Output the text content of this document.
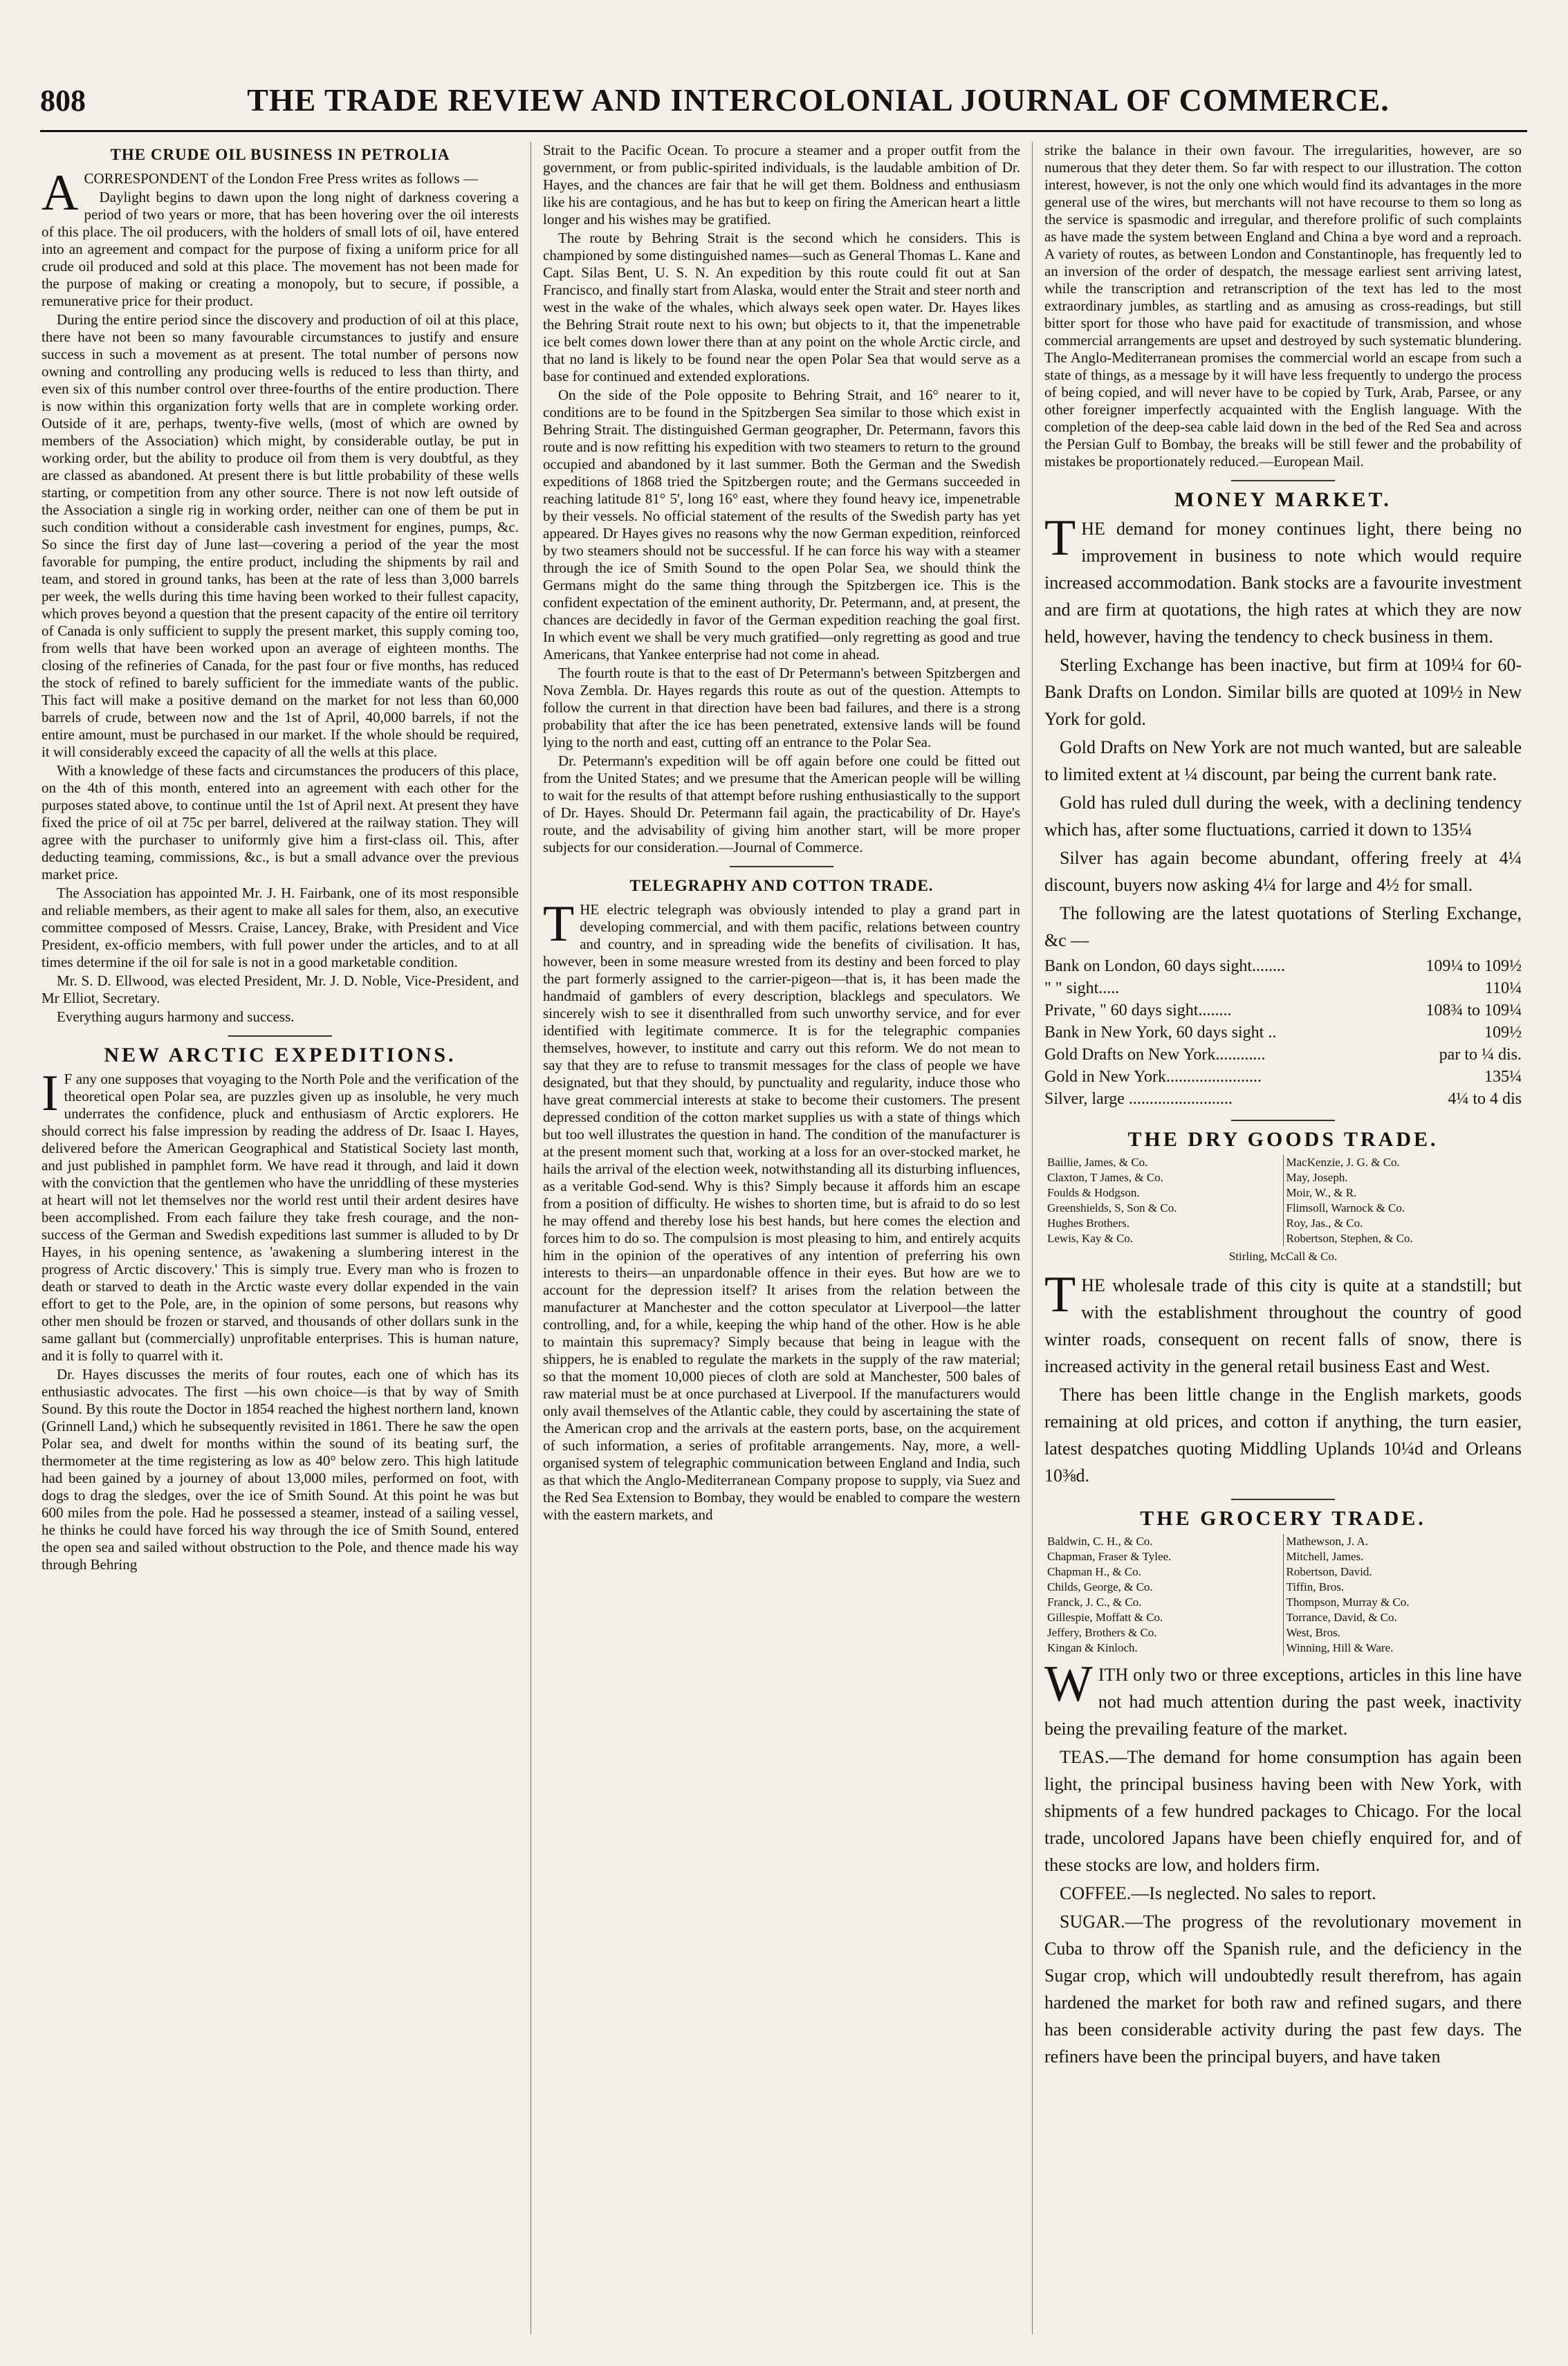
808	THE TRADE REVIEW AND INTERCOLONIAL JOURNAL OF COMMERCE.
THE CRUDE OIL BUSINESS IN PETROLIA

A CORRESPONDENT of the London Free Press writes as follows —

Daylight begins to dawn upon the long night of darkness covering a period of two years or more, that has been hovering over the oil interests of this place. The oil producers, with the holders of small lots of oil, have entered into an agreement and compact for the purpose of fixing a uniform price for all crude oil produced and sold at this place. The movement has not been made for the purpose of making or creating a monopoly, but to secure, if possible, a remunerative price for their product.

During the entire period since the discovery and production of oil at this place, there have not been so many favourable circumstances to justify and ensure success in such a movement as at present. The total number of persons now owning and controlling any producing wells is reduced to less than thirty, and even six of this number control over three-fourths of the entire production. There is now within this organization forty wells that are in complete working order. Outside of it are, perhaps, twenty-five wells, (most of which are owned by members of the Association) which might, by considerable outlay, be put in working order, but the ability to produce oil from them is very doubtful, as they are classed as abandoned. At present there is but little probability of these wells starting, or competition from any other source. There is not now left outside of the Association a single rig in working order, neither can one of them be put in such condition without a considerable cash investment for engines, pumps, &c. So since the first day of June last—covering a period of the year the most favorable for pumping, the entire product, including the shipments by rail and team, and stored in ground tanks, has been at the rate of less than 3,000 barrels per week, the wells during this time having been worked to their fullest capacity, which proves beyond a question that the present capacity of the entire oil territory of Canada is only sufficient to supply the present market, this supply coming too, from wells that have been worked upon an average of eighteen months. The closing of the refineries of Canada, for the past four or five months, has reduced the stock of refined to barely sufficient for the immediate wants of the public. This fact will make a positive demand on the market for not less than 60,000 barrels of crude, between now and the 1st of April, 40,000 barrels, if not the entire amount, must be purchased in our market. If the whole should be required, it will considerably exceed the capacity of all the wells at this place.

With a knowledge of these facts and circumstances the producers of this place, on the 4th of this month, entered into an agreement with each other for the purposes stated above, to continue until the 1st of April next. At present they have fixed the price of oil at 75c per barrel, delivered at the railway station. They will agree with the purchaser to uniformly give him a first-class oil. This, after deducting teaming, commissions, &c., is but a small advance over the previous market price.

The Association has appointed Mr. J. H. Fairbank, one of its most responsible and reliable members, as their agent to make all sales for them, also, an executive committee composed of Messrs. Craise, Lancey, Brake, with President and Vice President, ex-officio members, with full power under the articles, and to at all times determine if the oil for sale is not in a good marketable condition.

Mr. S. D. Ellwood, was elected President, Mr. J. D. Noble, Vice-President, and Mr Elliot, Secretary.

Everything augurs harmony and success.

NEW ARCTIC EXPEDITIONS.

I F any one supposes that voyaging to the North Pole and the verification of the theoretical open Polar sea, are puzzles given up as insoluble, he very much underrates the confidence, pluck and enthusiasm of Arctic explorers. He should correct his false impression by reading the address of Dr. Isaac I. Hayes, delivered before the American Geographical and Statistical Society last month, and just published in pamphlet form. We have read it through, and laid it down with the conviction that the gentlemen who have the unriddling of these mysteries at heart will not let themselves nor the world rest until their ardent desires have been accomplished. From each failure they take fresh courage, and the non-success of the German and Swedish expeditions last summer is alluded to by Dr Hayes, in his opening sentence, as 'awakening a slumbering interest in the progress of Arctic discovery.' This is simply true. Every man who is frozen to death or starved to death in the Arctic waste every dollar expended in the vain effort to get to the Pole, are, in the opinion of some persons, but reasons why other men should be frozen or starved, and thousands of other dollars sunk in the same gallant but (commercially) unprofitable enterprises. This is human nature, and it is folly to quarrel with it.

Dr. Hayes discusses the merits of four routes, each one of which has its enthusiastic advocates. The first —his own choice—is that by way of Smith Sound. By this route the Doctor in 1854 reached the highest northern land, known (Grinnell Land,) which he subsequently revisited in 1861. There he saw the open Polar sea, and dwelt for months within the sound of its beating surf, the thermometer at the time registering as low as 40° below zero. This high latitude had been gained by a journey of about 13,000 miles, performed on foot, with dogs to drag the sledges, over the ice of Smith Sound. At this point he was but 600 miles from the pole. Had he possessed a steamer, instead of a sailing vessel, he thinks he could have forced his way through the ice of Smith Sound, entered the open sea and sailed without obstruction to the Pole, and thence made his way through Behring

Strait to the Pacific Ocean. To procure a steamer and a proper outfit from the government, or from public-spirited individuals, is the laudable ambition of Dr. Hayes, and the chances are fair that he will get them. Boldness and enthusiasm like his are contagious, and he has but to keep on firing the American heart a little longer and his wishes may be gratified.

The route by Behring Strait is the second which he considers. This is championed by some distinguished names—such as General Thomas L. Kane and Capt. Silas Bent, U. S. N. An expedition by this route could fit out at San Francisco, and finally start from Alaska, would enter the Strait and steer north and west in the wake of the whales, which always seek open water. Dr. Hayes likes the Behring Strait route next to his own; but objects to it, that the impenetrable ice belt comes down lower there than at any point on the whole Arctic circle, and that no land is likely to be found near the open Polar Sea that would serve as a base for continued and extended explorations.

On the side of the Pole opposite to Behring Strait, and 16° nearer to it, conditions are to be found in the Spitzbergen Sea similar to those which exist in Behring Strait. The distinguished German geographer, Dr. Petermann, favors this route and is now refitting his expedition with two steamers to return to the ground occupied and abandoned by it last summer. Both the German and the Swedish expeditions of 1868 tried the Spitzbergen route; and the Germans succeeded in reaching latitude 81° 5', long 16° east, where they found heavy ice, impenetrable by their vessels. No official statement of the results of the Swedish party has yet appeared. Dr Hayes gives no reasons why the now German expedition, reinforced by two steamers should not be successful. If he can force his way with a steamer through the ice of Smith Sound to the open Polar Sea, we should think the Germans might do the same thing through the Spitzbergen ice. This is the confident expectation of the eminent authority, Dr. Petermann, and, at present, the chances are decidedly in favor of the German expedition reaching the goal first. In which event we shall be very much gratified—only regretting as good and true Americans, that Yankee enterprise had not come in ahead.

The fourth route is that to the east of Dr Petermann's between Spitzbergen and Nova Zembla. Dr. Hayes regards this route as out of the question. Attempts to follow the current in that direction have been bad failures, and there is a strong probability that after the ice has been penetrated, extensive lands will be found lying to the north and east, cutting off an entrance to the Polar Sea.

Dr. Petermann's expedition will be off again before one could be fitted out from the United States; and we presume that the American people will be willing to wait for the results of that attempt before rushing enthusiastically to the support of Dr. Hayes. Should Dr. Petermann fail again, the practicability of Dr. Haye's route, and the advisability of giving him another start, will be more proper subjects for our consideration.—Journal of Commerce.

TELEGRAPHY AND COTTON TRADE.

T HE electric telegraph was obviously intended to play a grand part in developing commercial, and with them pacific, relations between country and country, and in spreading wide the benefits of civilisation. It has, however, been in some measure wrested from its destiny and been forced to play the part formerly assigned to the carrier-pigeon—that is, it has been made the handmaid of gamblers of every description, blacklegs and speculators. We sincerely wish to see it disenthralled from such unworthy service, and for ever identified with legitimate commerce. It is for the telegraphic companies themselves, however, to institute and carry out this reform. We do not mean to say that they are to refuse to transmit messages for the class of people we have designated, but that they should, by punctuality and regularity, induce those who have great commercial interests at stake to become their customers. The present depressed condition of the cotton market supplies us with a state of things which but too well illustrates the question in hand. The condition of the manufacturer is at the present moment such that, working at a loss for an over-stocked market, he hails the arrival of the election week, notwithstanding all its disturbing influences, as a veritable God-send. Why is this? Simply because it affords him an escape from a position of difficulty. He wishes to shorten time, but is afraid to do so lest he may offend and thereby lose his best hands, but here comes the election and forces him to do so. The compulsion is most pleasing to him, and entirely acquits him in the opinion of the operatives of any intention of preferring his own interests to theirs—an unpardonable offence in their eyes. But how are we to account for the depression itself? It arises from the relation between the manufacturer at Manchester and the cotton speculator at Liverpool—the latter controlling, and, for a while, keeping the whip hand of the other. How is he able to maintain this supremacy? Simply because that being in league with the shippers, he is enabled to regulate the markets in the supply of the raw material; so that the moment 10,000 pieces of cloth are sold at Manchester, 500 bales of raw material must be at once purchased at Liverpool. If the manufacturers would only avail themselves of the Atlantic cable, they could by ascertaining the state of the American crop and the arrivals at the eastern ports, base, on the acquirement of such information, a series of profitable arrangements. Nay, more, a well-organised system of telegraphic communication between England and India, such as that which the Anglo-Mediterranean Company propose to supply, via Suez and the Red Sea Extension to Bombay, they would be enabled to compare the western with the eastern markets, and

strike the balance in their own favour. The irregularities, however, are so numerous that they deter them. So far with respect to our illustration. The cotton interest, however, is not the only one which would find its advantages in the more general use of the wires, but merchants will not have recourse to them so long as the service is spasmodic and irregular, and therefore prolific of such complaints as have made the system between England and China a bye word and a reproach. A variety of routes, as between London and Constantinople, has frequently led to an inversion of the order of despatch, the message earliest sent arriving latest, while the transcription and retranscription of the text has led to the most extraordinary jumbles, as startling and as amusing as cross-readings, but still bitter sport for those who have paid for exactitude of transmission, and whose commercial arrangements are upset and destroyed by such systematic blundering. The Anglo-Mediterranean promises the commercial world an escape from such a state of things, as a message by it will have less frequently to undergo the process of being copied, and will never have to be copied by Turk, Arab, Parsee, or any other foreigner imperfectly acquainted with the English language. With the completion of the deep-sea cable laid down in the bed of the Red Sea and across the Persian Gulf to Bombay, the breaks will be still fewer and the probability of mistakes be proportionately reduced.—European Mail.

MONEY MARKET.

T HE demand for money continues light, there being no improvement in business to note which would require increased accommodation. Bank stocks are a favourite investment and are firm at quotations, the high rates at which they are now held, however, having the tendency to check business in them.

Sterling Exchange has been inactive, but firm at 109¼ for 60-Bank Drafts on London. Similar bills are quoted at 109½ in New York for gold.

Gold Drafts on New York are not much wanted, but are saleable to limited extent at ¼ discount, par being the current bank rate.

Gold has ruled dull during the week, with a declining tendency which has, after some fluctuations, carried it down to 135¼

Silver has again become abundant, offering freely at 4¼ discount, buyers now asking 4¼ for large and 4½ for small.

The following are the latest quotations of Sterling Exchange, &c —

Bank on London, 60 days sight........	109¼ to 109½
" " sight.....	110¼
Private, " 60 days sight........	108¾ to 109¼
Bank in New York, 60 days sight ..	109½
Gold Drafts on New York............	par to ¼ dis.
Gold in New York.......................	135¼
Silver, large .........................	4¼ to 4 dis
THE DRY GOODS TRADE.
Baillie, James, & Co.	MacKenzie, J. G. & Co.
Claxton, T James, & Co.	May, Joseph.
Foulds & Hodgson.	Moir, W., & R.
Greenshields, S, Son & Co.	Flimsoll, Warnock & Co.
Hughes Brothers.	Roy, Jas., & Co.
Lewis, Kay & Co.	Robertson, Stephen, & Co.
Stirling, McCall & Co.

T HE wholesale trade of this city is quite at a standstill; but with the establishment throughout the country of good winter roads, consequent on recent falls of snow, there is increased activity in the general retail business East and West.

There has been little change in the English markets, goods remaining at old prices, and cotton if anything, the turn easier, latest despatches quoting Middling Uplands 10¼d and Orleans 10⅜d.

THE GROCERY TRADE.
Baldwin, C. H., & Co.	Mathewson, J. A.
Chapman, Fraser & Tylee.	Mitchell, James.
Chapman H., & Co.	Robertson, David.
Childs, George, & Co.	Tiffin, Bros.
Franck, J. C., & Co.	Thompson, Murray & Co.
Gillespie, Moffatt & Co.	Torrance, David, & Co.
Jeffery, Brothers & Co.	West, Bros.
Kingan & Kinloch.	Winning, Hill & Ware.

W ITH only two or three exceptions, articles in this line have not had much attention during the past week, inactivity being the prevailing feature of the market.

TEAS.—The demand for home consumption has again been light, the principal business having been with New York, with shipments of a few hundred packages to Chicago. For the local trade, uncolored Japans have been chiefly enquired for, and of these stocks are low, and holders firm.

COFFEE.—Is neglected. No sales to report.

SUGAR.—The progress of the revolutionary movement in Cuba to throw off the Spanish rule, and the deficiency in the Sugar crop, which will undoubtedly result therefrom, has again hardened the market for both raw and refined sugars, and there has been considerable activity during the past few days. The refiners have been the principal buyers, and have taken
